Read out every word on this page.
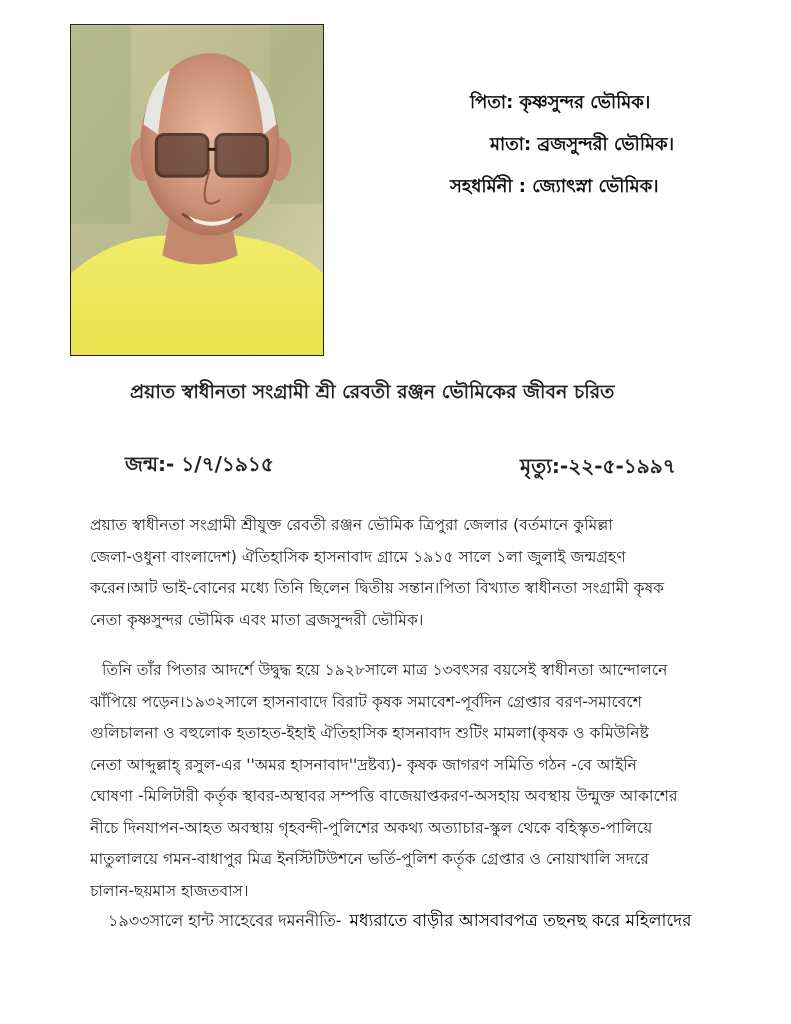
পিতা: কৃষ্ণসুন্দর ভৌমিক।
মাতা: ব্রজসুন্দরী ভৌমিক।
সহধর্মিনী : জ্যোৎস্না ভৌমিক।
প্রয়াত স্বাধীনতা সংগ্রামী শ্রী রেবতী রঞ্জন ভৌমিকের জীবন চরিত
জন্ম:- ১/৭/১৯১৫	মৃত্যু:-২২-৫-১৯৯৭
প্রয়াত স্বাধীনতা সংগ্রামী শ্রীযুক্ত রেবতী রঞ্জন ভৌমিক ত্রিপুরা জেলার (বর্তমানে কুমিল্লা
জেলা-ওধুনা বাংলাদেশ) ঐতিহাসিক হাসনাবাদ গ্রামে ১৯১৫ সালে ১লা জুলাই জন্মগ্রহণ
করেন।আট ভাই-বোনের মধ্যে তিনি ছিলেন দ্বিতীয় সন্তান।পিতা বিখ্যাত স্বাধীনতা সংগ্রামী কৃষক
নেতা কৃষ্ণসুন্দর ভৌমিক এবং মাতা ব্রজসুন্দরী ভৌমিক।
তিনি তাঁর পিতার আদর্শে উদ্বুদ্ধ হয়ে ১৯২৮সালে মাত্র ১৩বৎসর বয়সেই স্বাধীনতা আন্দোলনে
ঝাঁপিয়ে পড়েন।১৯৩২সালে হাসনাবাদে বিরাট কৃষক সমাবেশ-পূর্বদিন গ্রেপ্তার বরণ-সমাবেশে
গুলিচালনা ও বহুলোক হতাহত-ইহাই ঐতিহাসিক হাসনাবাদ শুটিং মামলা(কৃষক ও কমিউনিষ্ট
নেতা আব্দুল্লাহ্ রসুল-এর ''অমর হাসনাবাদ''দ্রষ্টব্য)- কৃষক জাগরণ সমিতি গঠন -বে আইনি
ঘোষণা -মিলিটারী কর্তৃক স্থাবর-অস্থাবর সম্পত্তি বাজেয়াপ্তকরণ-অসহায় অবস্থায় উন্মুক্ত আকাশের
নীচে দিনযাপন-আহত অবস্থায় গৃহবন্দী-পুলিশের অকথ্য অত্যাচার-স্কুল থেকে বহিস্কৃত-পালিয়ে
মাতুলালয়ে গমন-বাধাপুর মিত্র ইনস্টিটিউশনে ভর্তি-পুলিশ কর্তৃক গ্রেপ্তার ও নোয়াখালি সদরে
চালান-ছয়মাস হাজতবাস।
১৯৩৩সালে হান্ট সাহেবের দমননীতি- মধ্যরাতে বাড়ীর আসবাবপত্র তছনছ করে মহিলাদের
